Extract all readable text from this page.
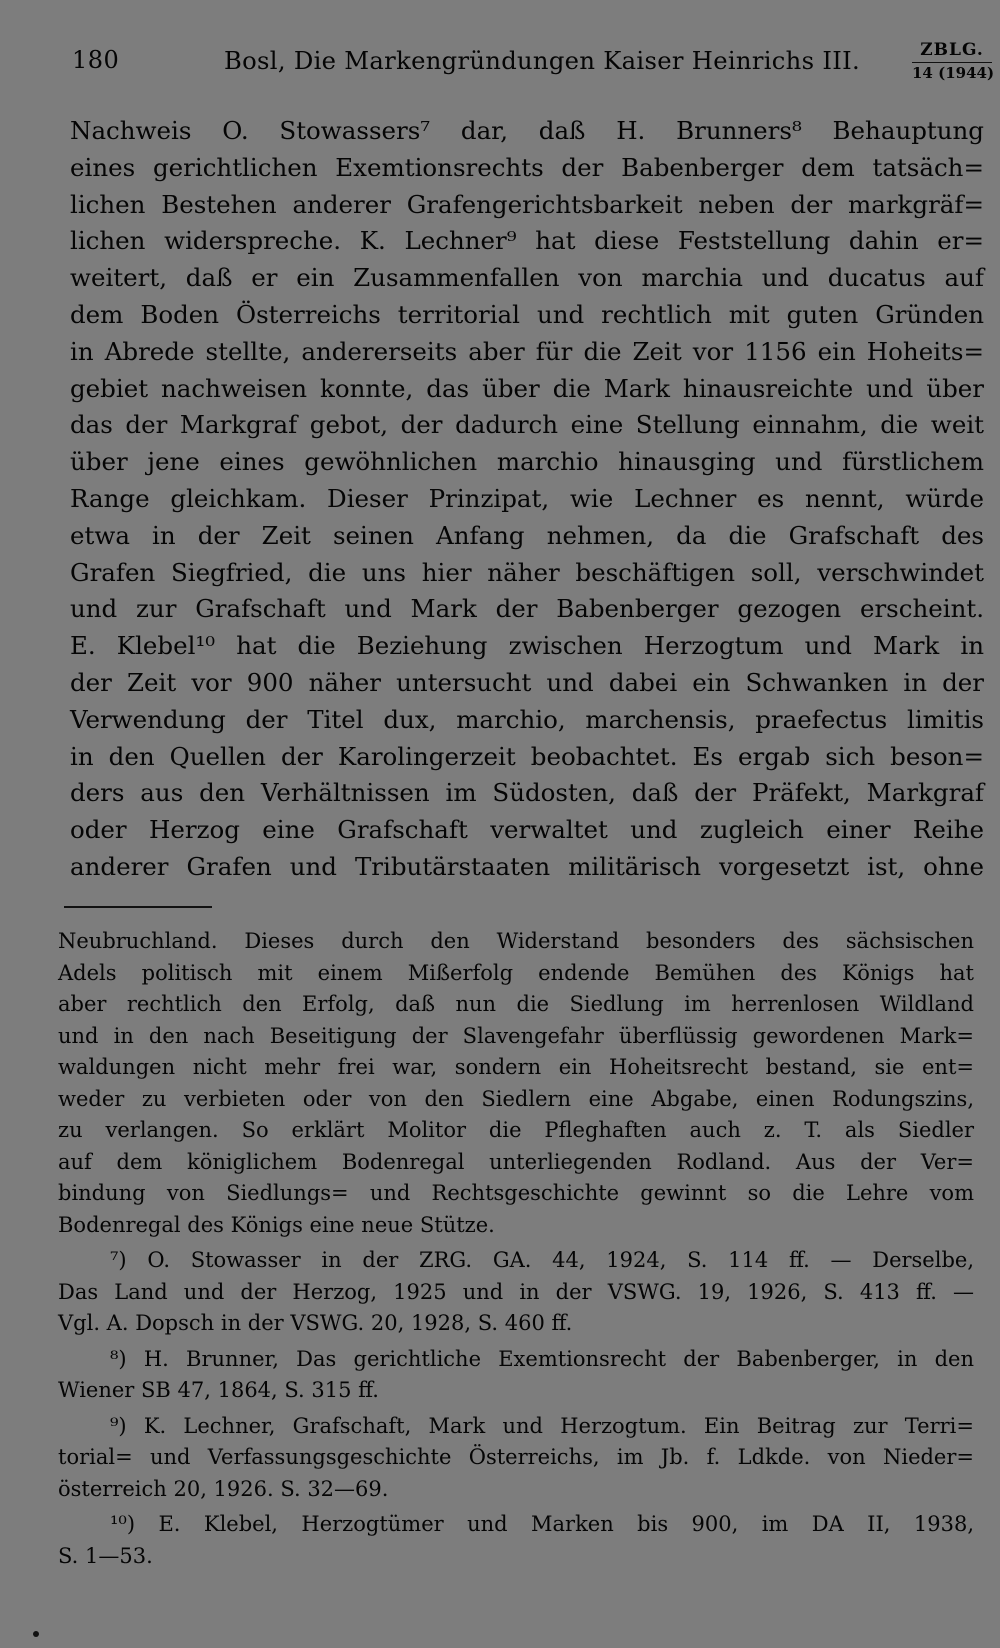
180	Bosl, Die Markengründungen Kaiser Heinrichs III.	ZBLG.
14 (1944)
Nachweis O. Stowassers⁷ dar, daß H. Brunners⁸ Behauptung
eines gerichtlichen Exemtionsrechts der Babenberger dem tatsäch=
lichen Bestehen anderer Grafengerichtsbarkeit neben der markgräf=
lichen widerspreche. K. Lechner⁹ hat diese Feststellung dahin er=
weitert, daß er ein Zusammenfallen von marchia und ducatus auf
dem Boden Österreichs territorial und rechtlich mit guten Gründen
in Abrede stellte, andererseits aber für die Zeit vor 1156 ein Hoheits=
gebiet nachweisen konnte, das über die Mark hinausreichte und über
das der Markgraf gebot, der dadurch eine Stellung einnahm, die weit
über jene eines gewöhnlichen marchio hinausging und fürstlichem
Range gleichkam. Dieser Prinzipat, wie Lechner es nennt, würde
etwa in der Zeit seinen Anfang nehmen, da die Grafschaft des
Grafen Siegfried, die uns hier näher beschäftigen soll, verschwindet
und zur Grafschaft und Mark der Babenberger gezogen erscheint.
E. Klebel¹⁰ hat die Beziehung zwischen Herzogtum und Mark in
der Zeit vor 900 näher untersucht und dabei ein Schwanken in der
Verwendung der Titel dux, marchio, marchensis, praefectus limitis
in den Quellen der Karolingerzeit beobachtet. Es ergab sich beson=
ders aus den Verhältnissen im Südosten, daß der Präfekt, Markgraf
oder Herzog eine Grafschaft verwaltet und zugleich einer Reihe
anderer Grafen und Tributärstaaten militärisch vorgesetzt ist, ohne
Neubruchland. Dieses durch den Widerstand besonders des sächsischen
Adels politisch mit einem Mißerfolg endende Bemühen des Königs hat
aber rechtlich den Erfolg, daß nun die Siedlung im herrenlosen Wildland
und in den nach Beseitigung der Slavengefahr überflüssig gewordenen Mark=
waldungen nicht mehr frei war, sondern ein Hoheitsrecht bestand, sie ent=
weder zu verbieten oder von den Siedlern eine Abgabe, einen Rodungszins,
zu verlangen. So erklärt Molitor die Pfleghaften auch z. T. als Siedler
auf dem königlichem Bodenregal unterliegenden Rodland. Aus der Ver=
bindung von Siedlungs= und Rechtsgeschichte gewinnt so die Lehre vom
Bodenregal des Königs eine neue Stütze.
⁷) O. Stowasser in der ZRG. GA. 44, 1924, S. 114 ff. — Derselbe,
Das Land und der Herzog, 1925 und in der VSWG. 19, 1926, S. 413 ff. —
Vgl. A. Dopsch in der VSWG. 20, 1928, S. 460 ff.
⁸) H. Brunner, Das gerichtliche Exemtionsrecht der Babenberger, in den
Wiener SB 47, 1864, S. 315 ff.
⁹) K. Lechner, Grafschaft, Mark und Herzogtum. Ein Beitrag zur Terri=
torial= und Verfassungsgeschichte Österreichs, im Jb. f. Ldkde. von Nieder=
österreich 20, 1926. S. 32—69.
¹⁰) E. Klebel, Herzogtümer und Marken bis 900, im DA II, 1938,
S. 1—53.
